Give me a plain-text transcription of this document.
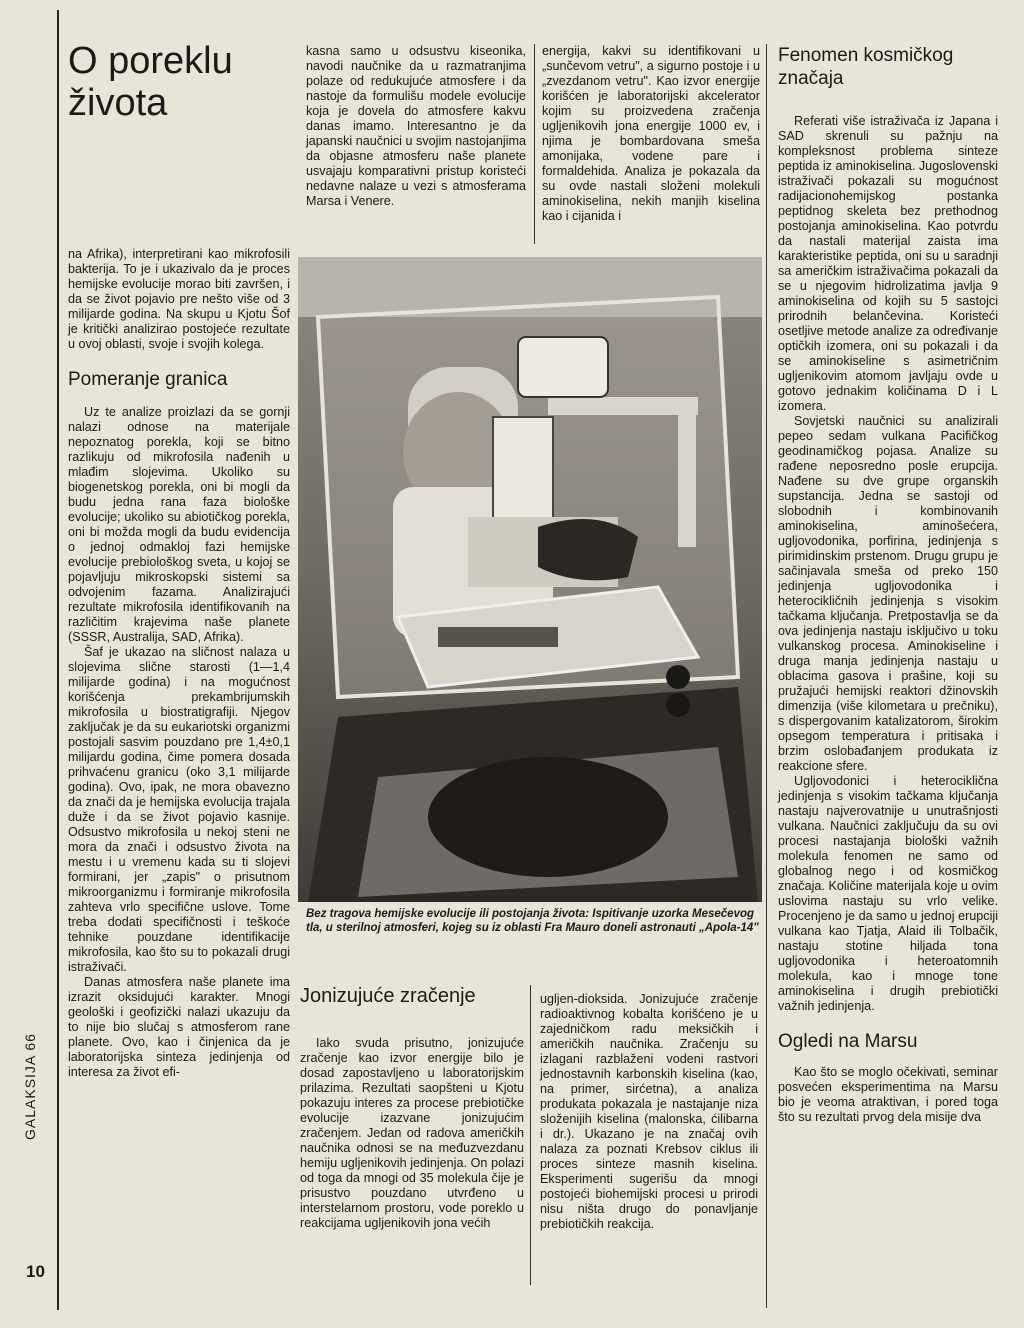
GALAKSIJA 66
10
O poreklu
života

na Afrika), interpretirani kao mikrofosili bakterija. To je i ukazivalo da je proces hemijske evolucije morao biti završen, i da se život pojavio pre nešto više od 3 milijarde godina. Na skupu u Kjotu Šof je kritički analizirao postojeće rezultate u ovoj oblasti, svoje i svojih kolega.

Pomeranje granica

Uz te analize proizlazi da se gornji nalazi odnose na materijale nepoznatog porekla, koji se bitno razlikuju od mikrofosila nađenih u mlađim slojevima. Ukoliko su biogenetskog porekla, oni bi mogli da budu jedna rana faza biološke evolucije; ukoliko su abiotičkog porekla, oni bi možda mogli da budu evidencija o jednoj odmakloj fazi hemijske evolucije prebiološkog sveta, u kojoj se pojavljuju mikroskopski sistemi sa odvojenim fazama. Analizirajući rezultate mikrofosila identifikovanih na različitim krajevima naše planete (SSSR, Australija, SAD, Afrika).

Šaf je ukazao na sličnost nalaza u slojevima slične starosti (1—1,4 milijarde godina) i na mogućnost korišćenja prekambrijumskih mikrofosila u biostratigrafiji. Njegov zaključak je da su eukariotski organizmi postojali sasvim pouzdano pre 1,4±0,1 milijardu godina, čime pomera dosada prihvaćenu granicu (oko 3,1 milijarde godina). Ovo, ipak, ne mora obavezno da znači da je hemijska evolucija trajala duže i da se život pojavio kasnije. Odsustvo mikrofosila u nekoj steni ne mora da znači i odsustvo života na mestu i u vremenu kada su ti slojevi formirani, jer „zapis" o prisutnom mikroorganizmu i formiranje mikrofosila zahteva vrlo specifične uslove. Tome treba dodati specifičnosti i teškoće tehnike pouzdane identifikacije mikrofosila, kao što su to pokazali drugi istraživači.

Danas atmosfera naše planete ima izrazit oksidujući karakter. Mnogi geološki i geofizički nalazi ukazuju da to nije bio slučaj s atmosferom rane planete. Ovo, kao i činjenica da je laboratorijska sinteza jedinjenja od interesa za život efi-

kasna samo u odsustvu kiseonika, navodi naučnike da u razmatranjima polaze od redukujuće atmosfere i da nastoje da formulišu modele evolucije koja je dovela do atmosfere kakvu danas imamo. Interesantno je da japanski naučnici u svojim nastojanjima da objasne atmosferu naše planete usvajaju komparativni pristup koristeći nedavne nalaze u vezi s atmosferama Marsa i Venere.

energija, kakvi su identifikovani u „sunčevom vetru", a sigurno postoje i u „zvezdanom vetru". Kao izvor energije korišćen je laboratorijski akcelerator kojim su proizvedena zračenja ugljenikovih jona energije 1000 ev, i njima je bombardovana smeša amonijaka, vodene pare i formaldehida. Analiza je pokazala da su ovde nastali složeni molekuli aminokiselina, nekih manjih kiselina kao i cijanida i

Bez tragova hemijske evolucije ili postojanja života: Ispitivanje uzorka Mesečevog tla, u sterilnoj atmosferi, kojeg su iz oblasti Fra Mauro doneli astronauti „Apola-14"
Jonizujuće zračenje

Iako svuda prisutno, jonizujuće zračenje kao izvor energije bilo je dosad zapostavljeno u laboratorijskim prilazima. Rezultati saopšteni u Kjotu pokazuju interes za procese prebiotičke evolucije izazvane jonizujućim zračenjem. Jedan od radova američkih naučnika odnosi se na međuzvezdanu hemiju ugljenikovih jedinjenja. On polazi od toga da mnogi od 35 molekula čije je prisustvo pouzdano utvrđeno u interstelarnom prostoru, vode poreklo u reakcijama ugljenikovih jona većih

ugljen-dioksida. Jonizujuće zračenje radioaktivnog kobalta korišćeno je u zajedničkom radu meksičkih i američkih naučnika. Zračenju su izlagani razblaženi vodeni rastvori jednostavnih karbonskih kiselina (kao, na primer, sirćetna), a analiza produkata pokazala je nastajanje niza složenijih kiselina (malonska, ćilibarna i dr.). Ukazano je na značaj ovih nalaza za poznati Krebsov ciklus ili proces sinteze masnih kiselina. Eksperimenti sugerišu da mnogi postojeći biohemijski procesi u prirodi nisu ništa drugo do ponavljanje prebiotičkih reakcija.

Fenomen kosmičkog značaja

Referati više istraživača iz Japana i SAD skrenuli su pažnju na kompleksnost problema sinteze peptida iz aminokiselina. Jugoslovenski istraživači pokazali su mogućnost radijacionohemijskog postanka peptidnog skeleta bez prethodnog postojanja aminokiselina. Kao potvrdu da nastali materijal zaista ima karakteristike peptida, oni su u saradnji sa američkim istraživačima pokazali da se u njegovim hidrolizatima javlja 9 aminokiselina od kojih su 5 sastojci prirodnih belančevina. Koristeći osetljive metode analize za određivanje optičkih izomera, oni su pokazali i da se aminokiseline s asimetričnim ugljenikovim atomom javljaju ovde u gotovo jednakim količinama D i L izomera.

Sovjetski naučnici su analizirali pepeo sedam vulkana Pacifičkog geodinamičkog pojasa. Analize su rađene neposredno posle erupcija. Nađene su dve grupe organskih supstancija. Jedna se sastoji od slobodnih i kombinovanih aminokiselina, aminošećera, ugljovodonika, porfirina, jedinjenja s pirimidinskim prstenom. Drugu grupu je sačinjavala smeša od preko 150 jedinjenja ugljovodonika i heterocikličnih jedinjenja s visokim tačkama ključanja. Pretpostavlja se da ova jedinjenja nastaju isključivo u toku vulkanskog procesa. Aminokiseline i druga manja jedinjenja nastaju u oblacima gasova i prašine, koji su pružajući hemijski reaktori džinovskih dimenzija (više kilometara u prečniku), s dispergovanim katalizatorom, širokim opsegom temperatura i pritisaka i brzim oslobađanjem produkata iz reakcione sfere.

Ugljovodonici i heterociklična jedinjenja s visokim tačkama ključanja nastaju najverovatnije u unutrašnjosti vulkana. Naučnici zaključuju da su ovi procesi nastajanja biološki važnih molekula fenomen ne samo od globalnog nego i od kosmičkog značaja. Količine materijala koje u ovim uslovima nastaju su vrlo velike. Procenjeno je da samo u jednoj erupciji vulkana kao Tjatja, Alaid ili Tolbačik, nastaju stotine hiljada tona ugljovodonika i heteroatomnih molekula, kao i mnoge tone aminokiselina i drugih prebiotički važnih jedinjenja.

Ogledi na Marsu

Kao što se moglo očekivati, seminar posvećen eksperimentima na Marsu bio je veoma atraktivan, i pored toga što su rezultati prvog dela misije dva
